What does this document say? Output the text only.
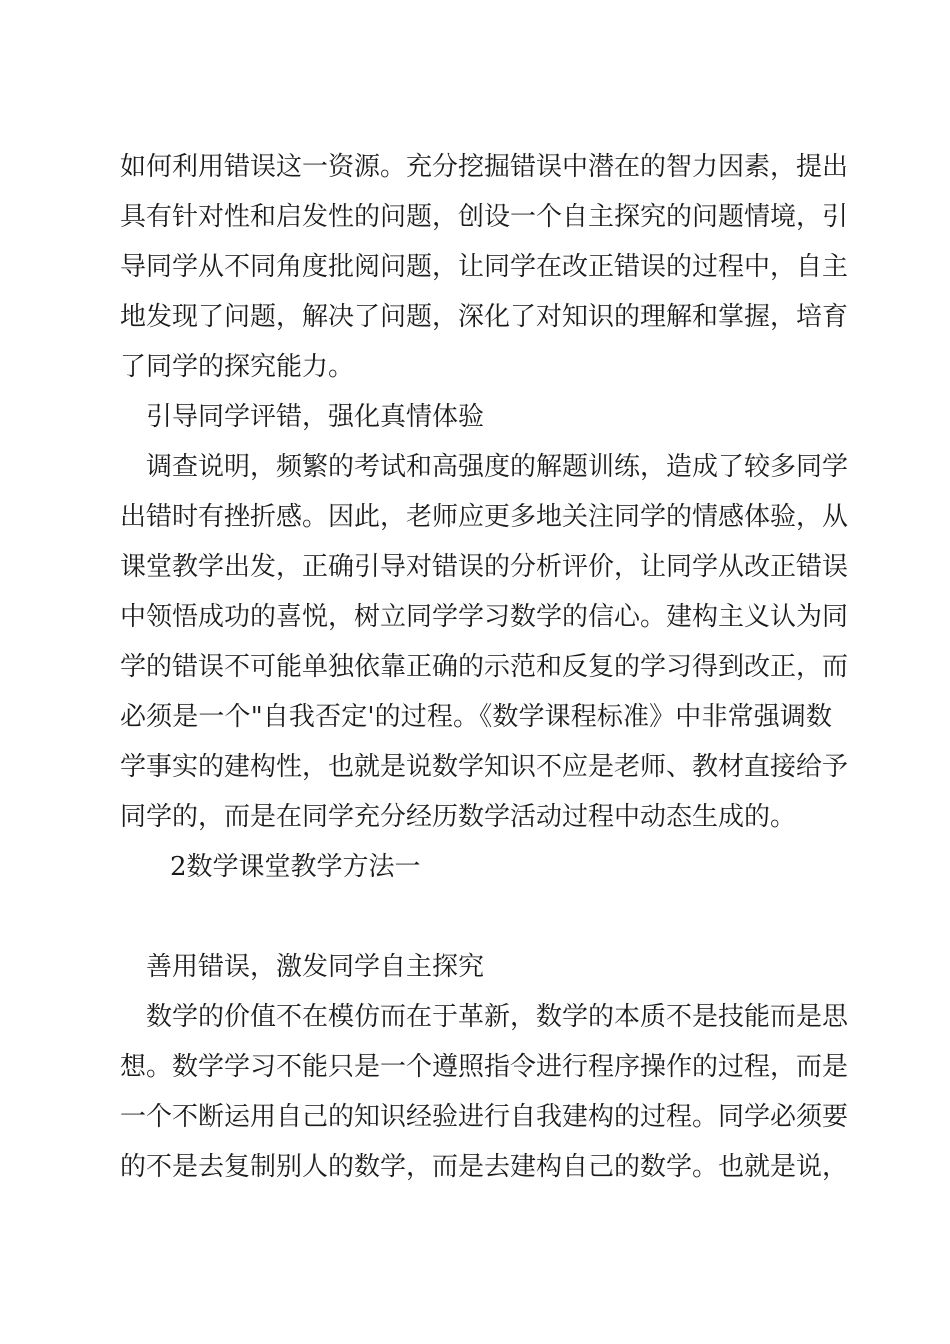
如何利用错误这一资源。充分挖掘错误中潜在的智力因素，提出
具有针对性和启发性的问题，创设一个自主探究的问题情境，引
导同学从不同角度批阅问题，让同学在改正错误的过程中，自主
地发现了问题，解决了问题，深化了对知识的理解和掌握，培育
了同学的探究能力。
引导同学评错，强化真情体验
调查说明，频繁的考试和高强度的解题训练，造成了较多同学
出错时有挫折感。因此，老师应更多地关注同学的情感体验，从
课堂教学出发，正确引导对错误的分析评价，让同学从改正错误
中领悟成功的喜悦，树立同学学习数学的信心。建构主义认为同
学的错误不可能单独依靠正确的示范和反复的学习得到改正，而
必须是一个"自我否定'的过程。《数学课程标准》中非常强调数
学事实的建构性，也就是说数学知识不应是老师、教材直接给予
同学的，而是在同学充分经历数学活动过程中动态生成的。
2数学课堂教学方法一
善用错误，激发同学自主探究
数学的价值不在模仿而在于革新，数学的本质不是技能而是思
想。数学学习不能只是一个遵照指令进行程序操作的过程，而是
一个不断运用自己的知识经验进行自我建构的过程。同学必须要
的不是去复制别人的数学，而是去建构自己的数学。也就是说，
